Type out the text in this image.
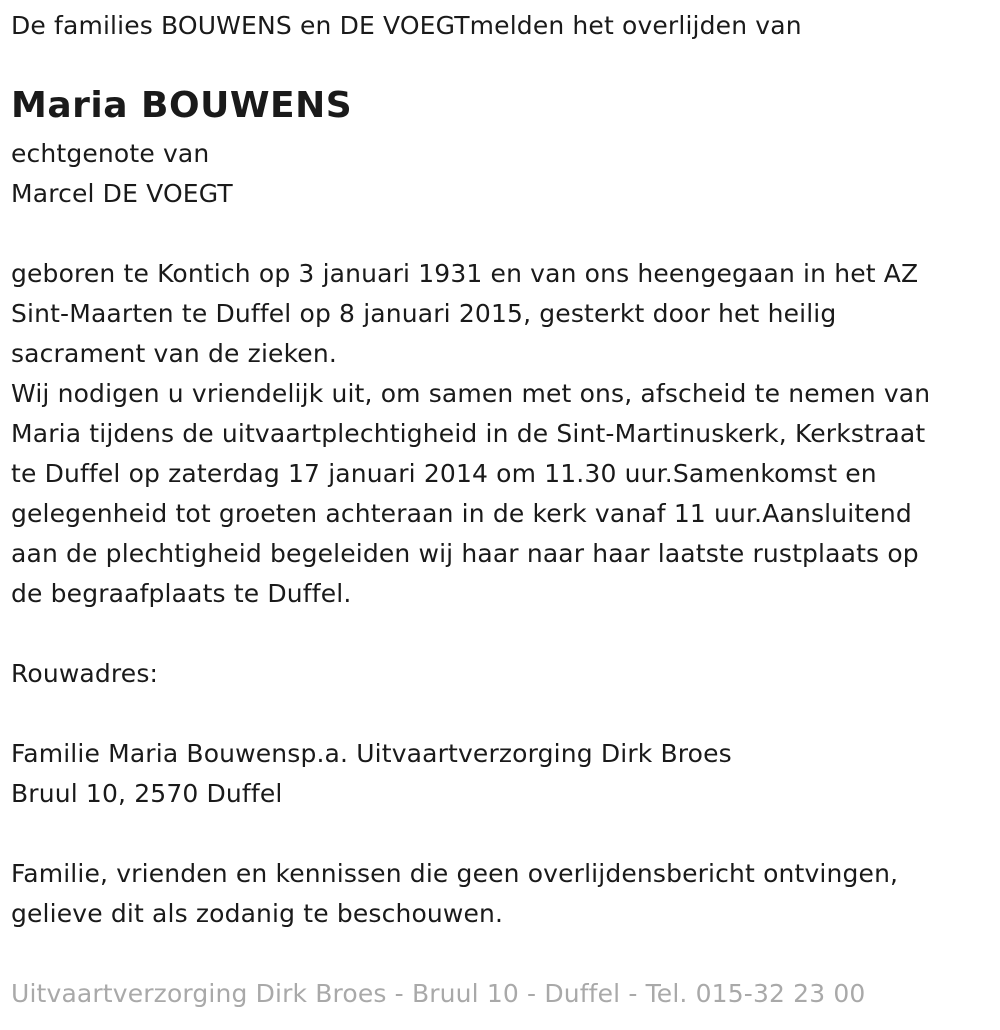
De families BOUWENS en DE VOEGTmelden het overlijden van
Maria BOUWENS
echtgenote van
Marcel DE VOEGT
geboren te Kontich op 3 januari 1931 en van ons heengegaan in het AZ
Sint-Maarten te Duffel op 8 januari 2015, gesterkt door het heilig
sacrament van de zieken.
Wij nodigen u vriendelijk uit, om samen met ons, afscheid te nemen van
Maria tijdens de uitvaartplechtigheid in de Sint-Martinuskerk, Kerkstraat
te Duffel op zaterdag 17 januari 2014 om 11.30 uur.Samenkomst en
gelegenheid tot groeten achteraan in de kerk vanaf 11 uur.Aansluitend
aan de plechtigheid begeleiden wij haar naar haar laatste rustplaats op
de begraafplaats te Duffel.
Rouwadres:
Familie Maria Bouwensp.a. Uitvaartverzorging Dirk Broes
Bruul 10, 2570 Duffel
Familie, vrienden en kennissen die geen overlijdensbericht ontvingen,
gelieve dit als zodanig te beschouwen.
Uitvaartverzorging Dirk Broes - Bruul 10 - Duffel - Tel. 015-32 23 00
